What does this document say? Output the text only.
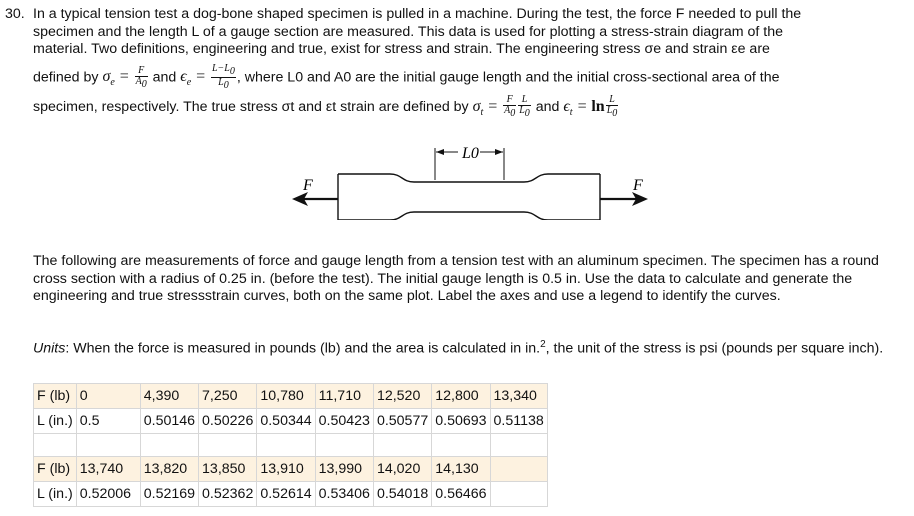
30. In a typical tension test a dog-bone shaped specimen is pulled in a machine. During the test, the force F needed to pull the
specimen and the length L of a gauge section are measured. This data is used for plotting a stress-strain diagram of the
material. Two definitions, engineering and true, exist for stress and strain. The engineering stress σe and strain εe are
defined by $\sigma_e = \frac{F}{A_0}$ and $\epsilon_e = \frac{L-L_0}{L_0}$ , where L0 and A0 are the initial gauge length and the initial cross-sectional area of the
specimen, respectively. The true stress σt and εt strain are defined by $\sigma_t = \frac{F}{A_0} \frac{L}{L_0}$ and $\epsilon_t = \ln \frac{L}{L_0}$
L0
F	F
The following are measurements of force and gauge length from a tension test with an aluminum specimen. The specimen has a round cross section with a radius of 0.25 in. (before the test). The initial gauge length is 0.5 in. Use the data to calculate and generate the engineering and true stressstrain curves, both on the same plot. Label the axes and use a legend to identify the curves.
Units: When the force is measured in pounds (lb) and the area is calculated in in.$^2$, the unit of the stress is psi (pounds per square inch).
F (lb)	0	4,390	7,250	10,780	11,710	12,520	12,800	13,340
L (in.)	0.5	0.50146	0.50226	0.50344	0.50423	0.50577	0.50693	0.51138

F (lb)	13,740	13,820	13,850	13,910	13,990	14,020	14,130	
L (in.)	0.52006	0.52169	0.52362	0.52614	0.53406	0.54018	0.56466	
